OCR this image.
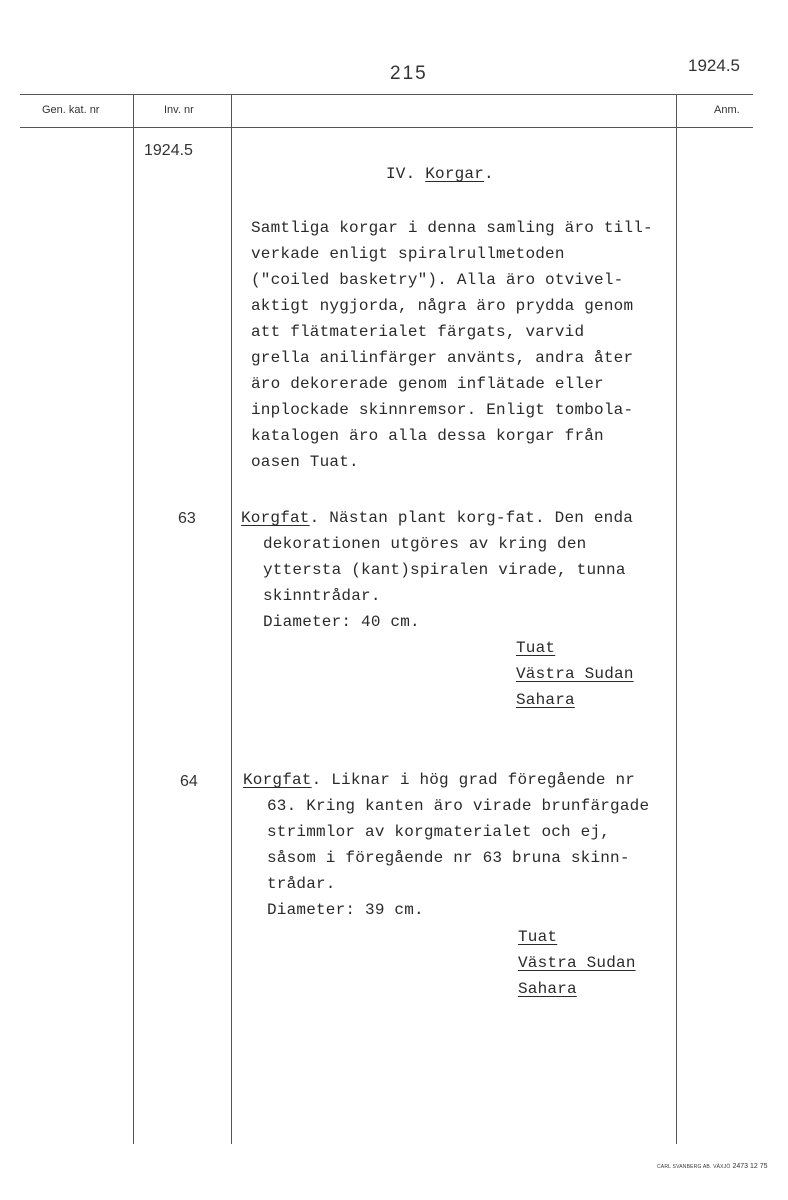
215	1924.5
Gen. kat. nr	Inv. nr	Anm.
1924.5
IV. Korgar.
Samtliga korgar i denna samling äro till-
verkade enligt spiralrullmetoden
("coiled basketry"). Alla äro otvivel-
aktigt nygjorda, några äro prydda genom
att flätmaterialet färgats, varvid
grella anilinfärger använts, andra åter
äro dekorerade genom inflätade eller
inplockade skinnremsor. Enligt tombola-
katalogen äro alla dessa korgar från
oasen Tuat.
63	Korgfat. Nästan plant korg-fat. Den enda
dekorationen utgöres av kring den
yttersta (kant)spiralen virade, tunna
skinntrådar.
Diameter: 40 cm.
Tuat
Västra Sudan
Sahara
64	Korgfat. Liknar i hög grad föregående nr
63. Kring kanten äro virade brunfärgade
strimmlor av korgmaterialet och ej,
såsom i föregående nr 63 bruna skinn-
trådar.
Diameter: 39 cm.
Tuat
Västra Sudan
Sahara
CARL SVANBERG AB. VÄXJÖ 2473 12 75
